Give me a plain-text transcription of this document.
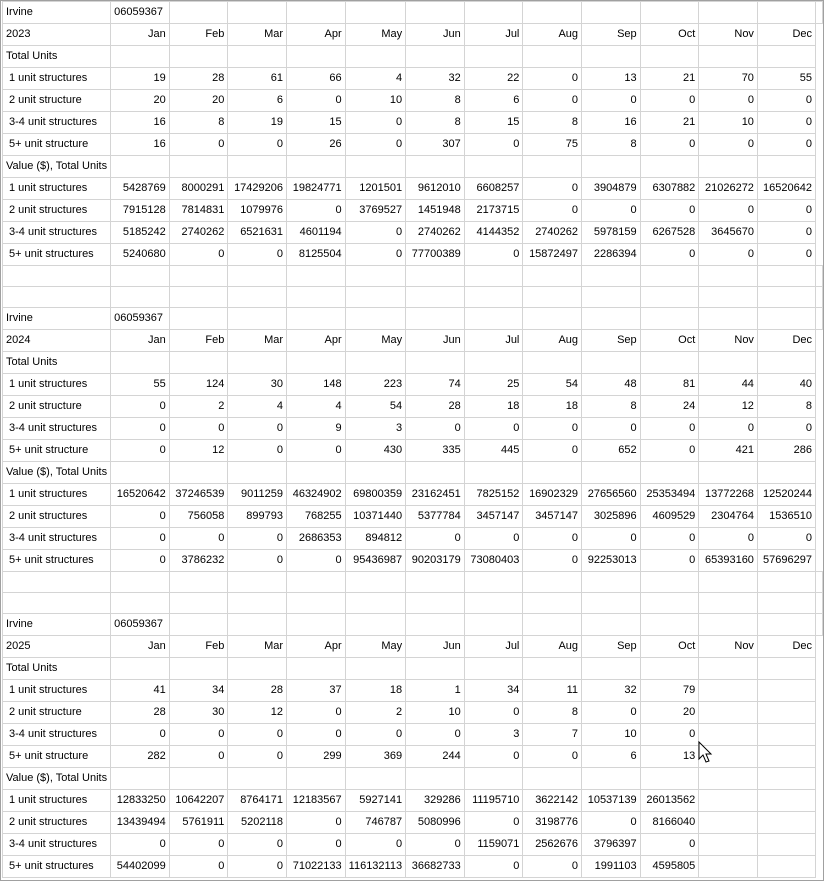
Irvine	06059367												
2023	Jan	Feb	Mar	Apr	May	Jun	Jul	Aug	Sep	Oct	Nov	Dec	
Total Units													
1 unit structures	19	28	61	66	4	32	22	0	13	21	70	55	
2 unit structure	20	20	6	0	10	8	6	0	0	0	0	0	
3-4 unit structures	16	8	19	15	0	8	15	8	16	21	10	0	
5+ unit structure	16	0	0	26	0	307	0	75	8	0	0	0	
Value ($), Total Units													
1 unit structures	5428769	8000291	17429206	19824771	1201501	9612010	6608257	0	3904879	6307882	21026272	16520642	
2 unit structures	7915128	7814831	1079976	0	3769527	1451948	2173715	0	0	0	0	0	
3-4 unit structures	5185242	2740262	6521631	4601194	0	2740262	4144352	2740262	5978159	6267528	3645670	0	
5+ unit structures	5240680	0	0	8125504	0	77700389	0	15872497	2286394	0	0	0	

Irvine	06059367												
2024	Jan	Feb	Mar	Apr	May	Jun	Jul	Aug	Sep	Oct	Nov	Dec	
Total Units													
1 unit structures	55	124	30	148	223	74	25	54	48	81	44	40	
2 unit structure	0	2	4	4	54	28	18	18	8	24	12	8	
3-4 unit structures	0	0	0	9	3	0	0	0	0	0	0	0	
5+ unit structure	0	12	0	0	430	335	445	0	652	0	421	286	
Value ($), Total Units													
1 unit structures	16520642	37246539	9011259	46324902	69800359	23162451	7825152	16902329	27656560	25353494	13772268	12520244	
2 unit structures	0	756058	899793	768255	10371440	5377784	3457147	3457147	3025896	4609529	2304764	1536510	
3-4 unit structures	0	0	0	2686353	894812	0	0	0	0	0	0	0	
5+ unit structures	0	3786232	0	0	95436987	90203179	73080403	0	92253013	0	65393160	57696297	

Irvine	06059367												
2025	Jan	Feb	Mar	Apr	May	Jun	Jul	Aug	Sep	Oct	Nov	Dec	
Total Units													
1 unit structures	41	34	28	37	18	1	34	11	32	79			
2 unit structure	28	30	12	0	2	10	0	8	0	20			
3-4 unit structures	0	0	0	0	0	0	3	7	10	0			
5+ unit structure	282	0	0	299	369	244	0	0	6	13			
Value ($), Total Units													
1 unit structures	12833250	10642207	8764171	12183567	5927141	329286	11195710	3622142	10537139	26013562			
2 unit structures	13439494	5761911	5202118	0	746787	5080996	0	3198776	0	8166040			
3-4 unit structures	0	0	0	0	0	0	1159071	2562676	3796397	0			
5+ unit structures	54402099	0	0	71022133	116132113	36682733	0	0	1991103	4595805			
